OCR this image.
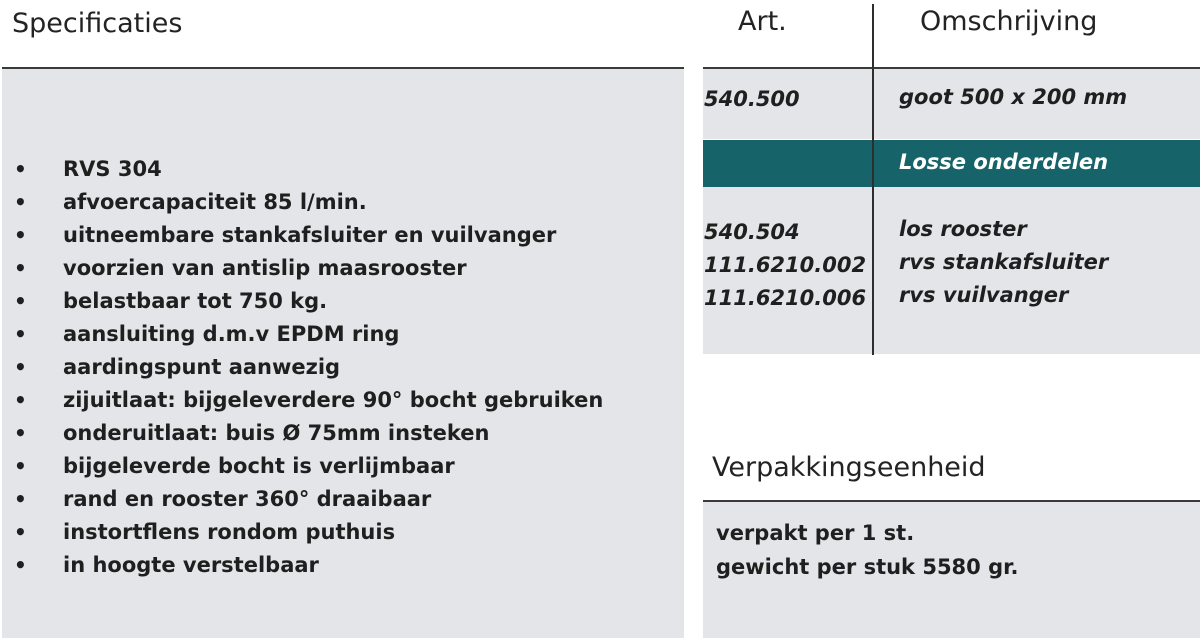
Specificaties
• RVS 304
• afvoercapaciteit 85 l/min.
• uitneembare stankafsluiter en vuilvanger
• voorzien van antislip maasrooster
• belastbaar tot 750 kg.
• aansluiting d.m.v EPDM ring
• aardingspunt aanwezig
• zijuitlaat: bijgeleverdere 90° bocht gebruiken
• onderuitlaat: buis Ø 75mm insteken
• bijgeleverde bocht is verlijmbaar
• rand en rooster 360° draaibaar
• instortflens rondom puthuis
• in hoogte verstelbaar
Art.	Omschrijving
540.500	goot 500 x 200 mm
Losse onderdelen
540.504	los rooster
111.6210.002 rvs stankafsluiter
111.6210.006 rvs vuilvanger
Verpakkingseenheid
verpakt per 1 st.
gewicht per stuk 5580 gr.
